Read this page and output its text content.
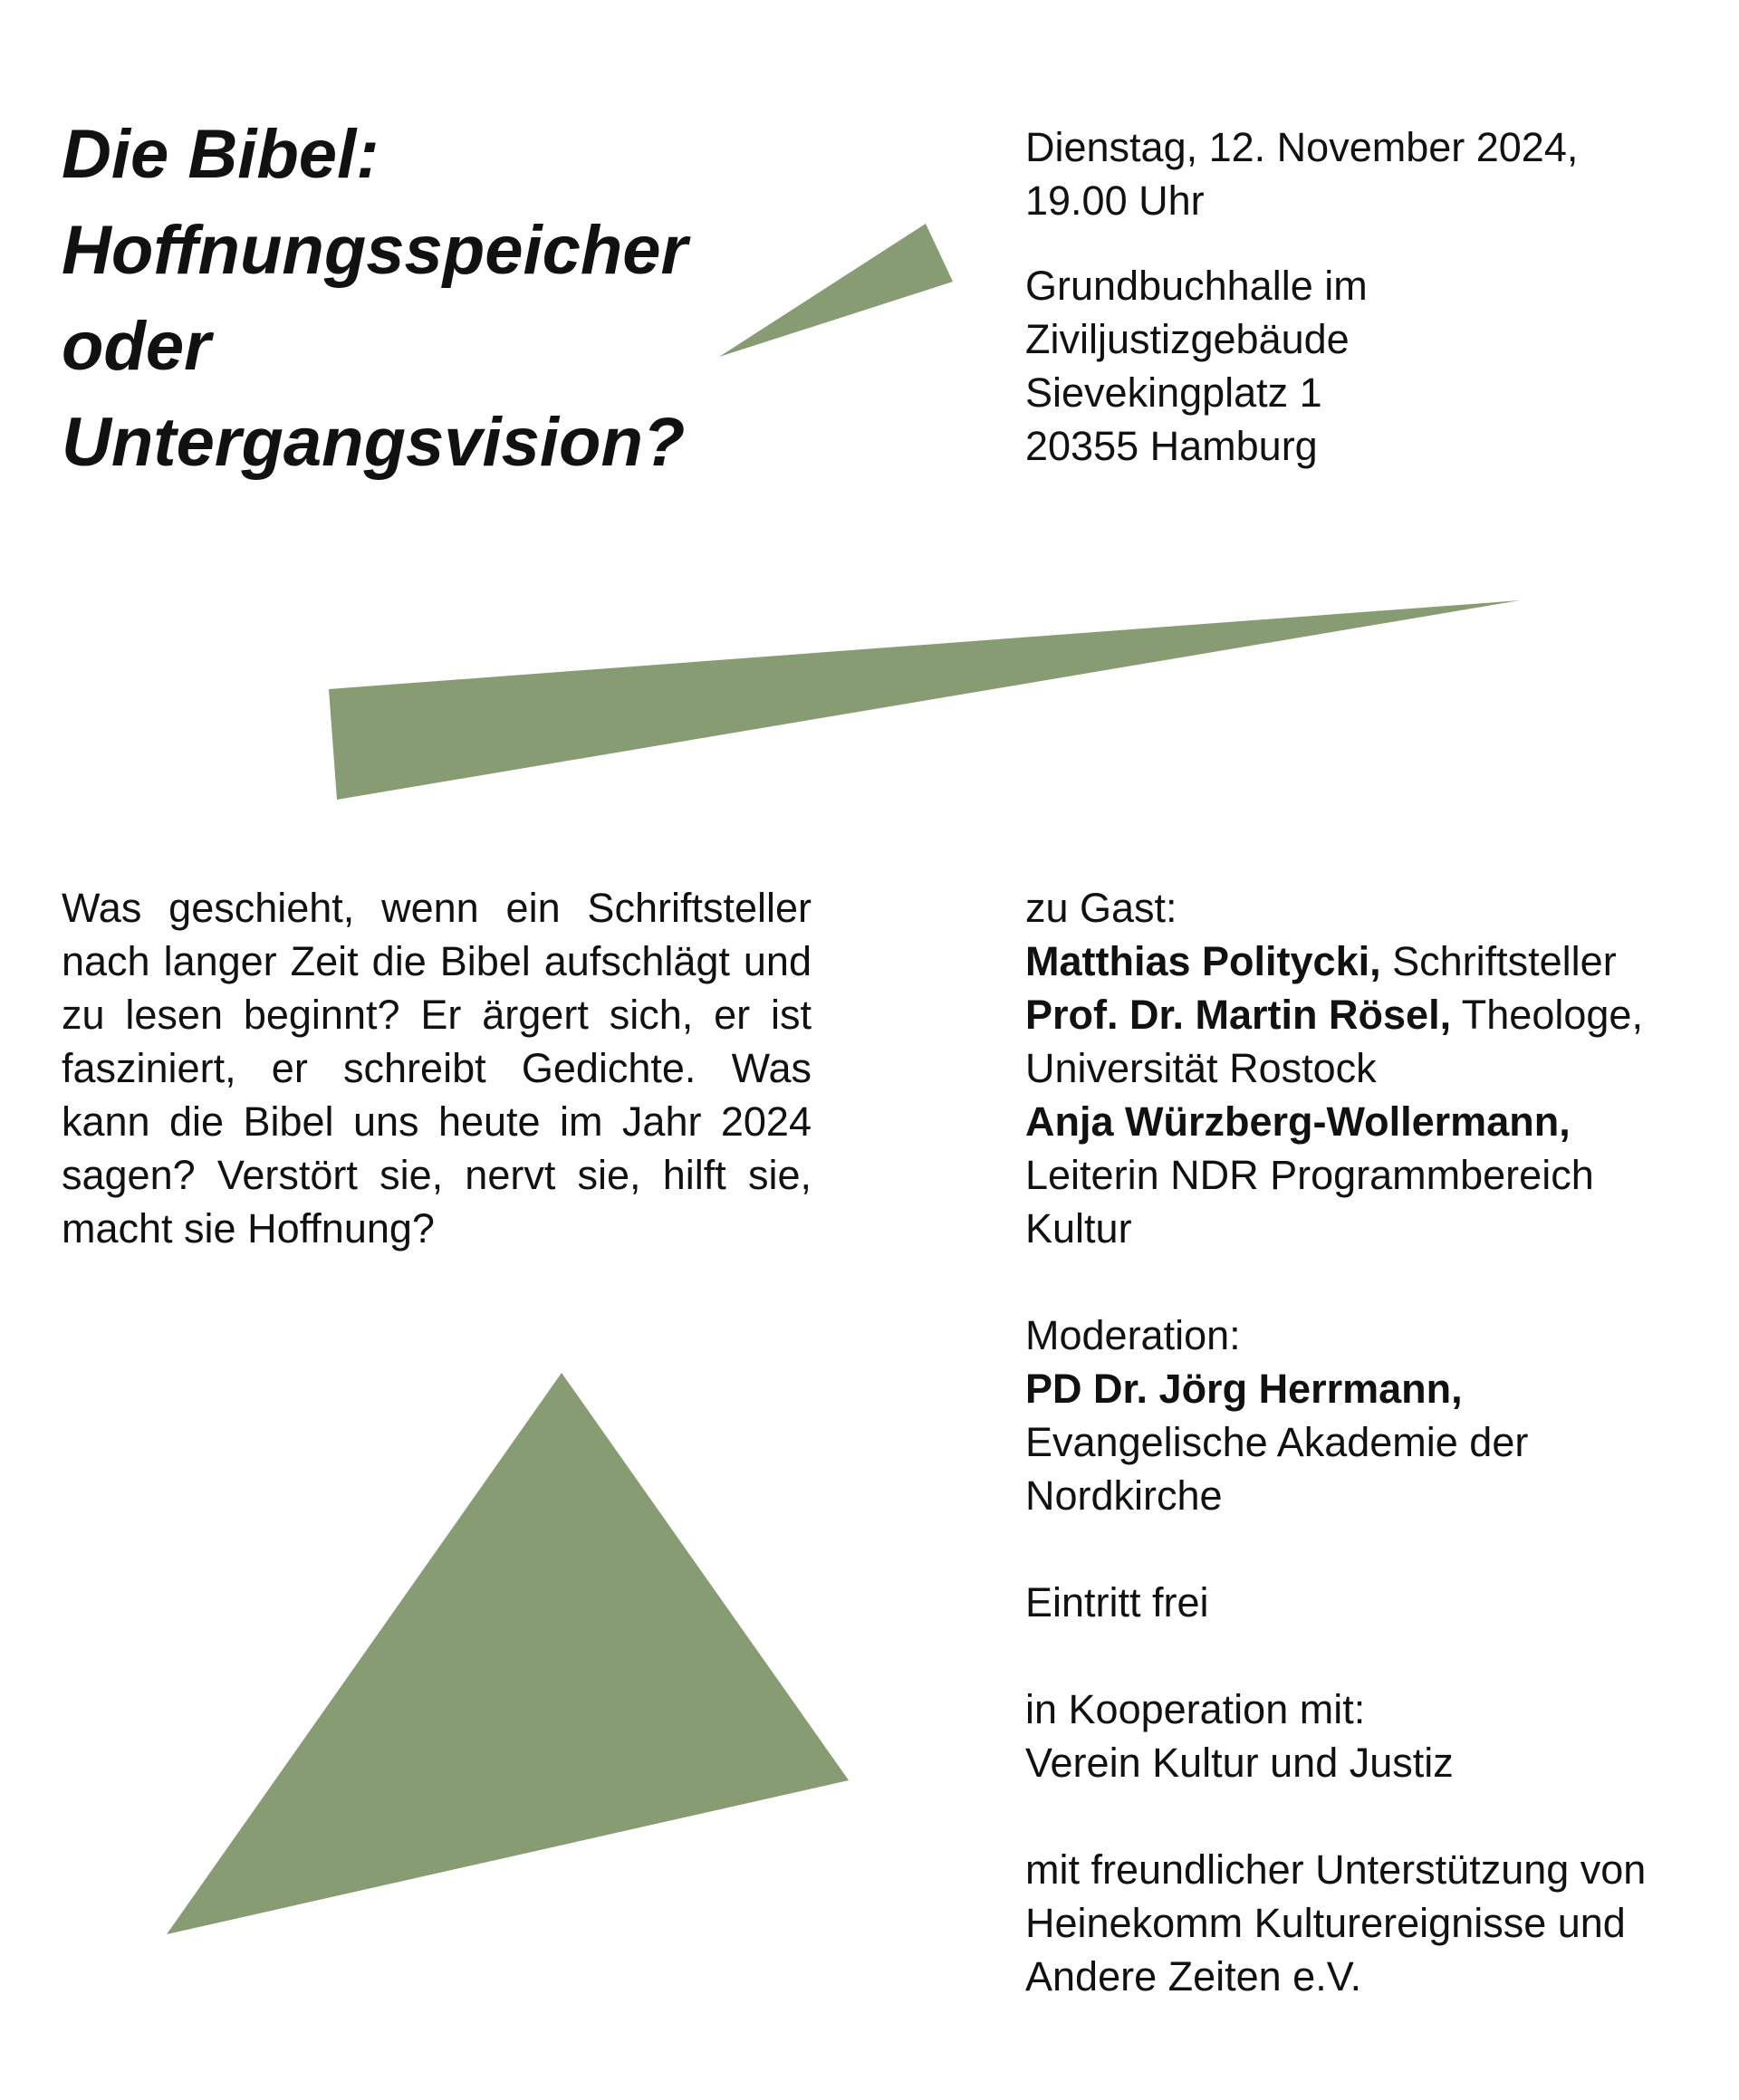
Die Bibel:
Hoffnungsspeicher
oder
Untergangsvision?
Dienstag, 12. November 2024,
19.00 Uhr
Grundbuchhalle im
Ziviljustizgebäude
Sievekingplatz 1
20355 Hamburg

Was geschieht, wenn ein Schriftsteller nach langer Zeit die Bibel aufschlägt und zu lesen beginnt? Er ärgert sich, er ist fasziniert, er schreibt Gedichte. Was kann die Bibel uns heute im Jahr 2024 sagen? Verstört sie, nervt sie, hilft sie, macht sie Hoffnung?

zu Gast:
Matthias Politycki, Schriftsteller
Prof. Dr. Martin Rösel, Theologe,
Universität Rostock
Anja Würzberg-Wollermann,
Leiterin NDR Programmbereich
Kultur
Moderation:
PD Dr. Jörg Herrmann,
Evangelische Akademie der
Nordkirche
Eintritt frei
in Kooperation mit:
Verein Kultur und Justiz
mit freundlicher Unterstützung von
Heinekomm Kulturereignisse und
Andere Zeiten e.V.
